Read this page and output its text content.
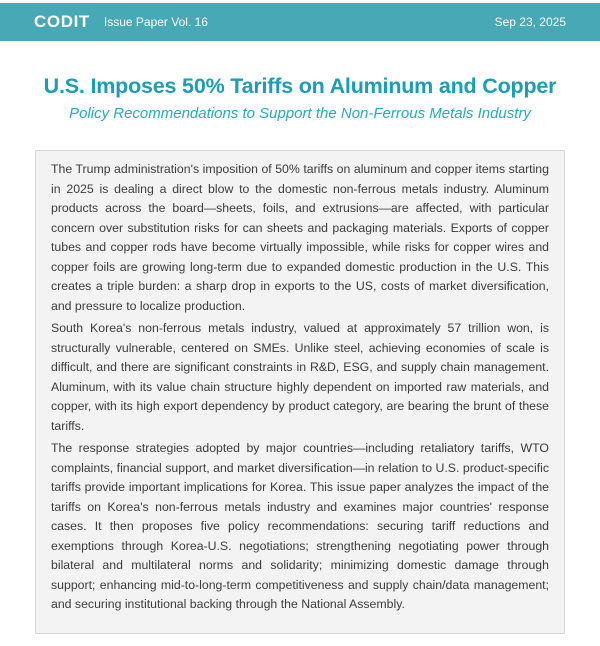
CODIT Issue Paper Vol. 16	Sep 23, 2025
U.S. Imposes 50% Tariffs on Aluminum and Copper
Policy Recommendations to Support the Non-Ferrous Metals Industry

The Trump administration's imposition of 50% tariffs on aluminum and copper items starting in 2025 is dealing a direct blow to the domestic non-ferrous metals industry. Aluminum products across the board—sheets, foils, and extrusions—are affected, with particular concern over substitution risks for can sheets and packaging materials. Exports of copper tubes and copper rods have become virtually impossible, while risks for copper wires and copper foils are growing long-term due to expanded domestic production in the U.S. This creates a triple burden: a sharp drop in exports to the US, costs of market diversification, and pressure to localize production.

South Korea's non-ferrous metals industry, valued at approximately 57 trillion won, is structurally vulnerable, centered on SMEs. Unlike steel, achieving economies of scale is difficult, and there are significant constraints in R&D, ESG, and supply chain management. Aluminum, with its value chain structure highly dependent on imported raw materials, and copper, with its high export dependency by product category, are bearing the brunt of these tariffs.

The response strategies adopted by major countries—including retaliatory tariffs, WTO complaints, financial support, and market diversification—in relation to U.S. product-specific tariffs provide important implications for Korea. This issue paper analyzes the impact of the tariffs on Korea's non-ferrous metals industry and examines major countries' response cases. It then proposes five policy recommendations: securing tariff reductions and exemptions through Korea-U.S. negotiations; strengthening negotiating power through bilateral and multilateral norms and solidarity; minimizing domestic damage through support; enhancing mid-to-long-term competitiveness and supply chain/data management; and securing institutional backing through the National Assembly.
